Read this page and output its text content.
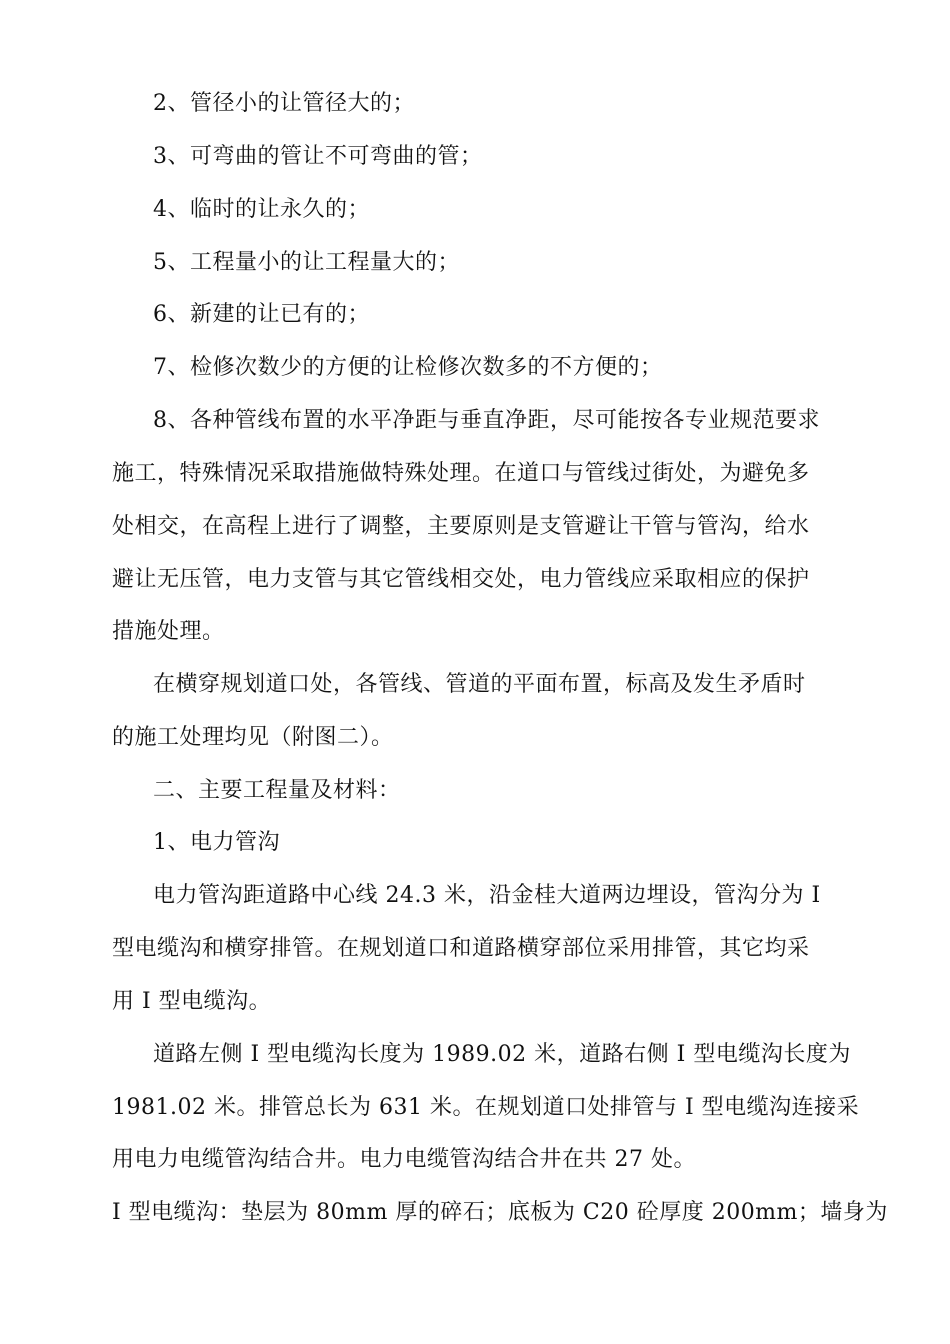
2、管径小的让管径大的；
3、可弯曲的管让不可弯曲的管；
4、临时的让永久的；
5、工程量小的让工程量大的；
6、新建的让已有的；
7、检修次数少的方便的让检修次数多的不方便的；
8、各种管线布置的水平净距与垂直净距，尽可能按各专业规范要求
施工，特殊情况采取措施做特殊处理。在道口与管线过街处，为避免多
处相交，在高程上进行了调整，主要原则是支管避让干管与管沟，给水
避让无压管，电力支管与其它管线相交处，电力管线应采取相应的保护
措施处理。
在横穿规划道口处，各管线、管道的平面布置，标高及发生矛盾时
的施工处理均见（附图二）。
二、主要工程量及材料：
1、电力管沟
电力管沟距道路中心线 24.3 米，沿金桂大道两边埋设，管沟分为 I
型电缆沟和横穿排管。在规划道口和道路横穿部位采用排管，其它均采
用 I 型电缆沟。
道路左侧 I 型电缆沟长度为 1989.02 米，道路右侧 I 型电缆沟长度为
1981.02 米。排管总长为 631 米。在规划道口处排管与 I 型电缆沟连接采
用电力电缆管沟结合井。电力电缆管沟结合井在共 27 处。
I 型电缆沟：垫层为 80mm 厚的碎石；底板为 C20 砼厚度 200mm；墙身为
